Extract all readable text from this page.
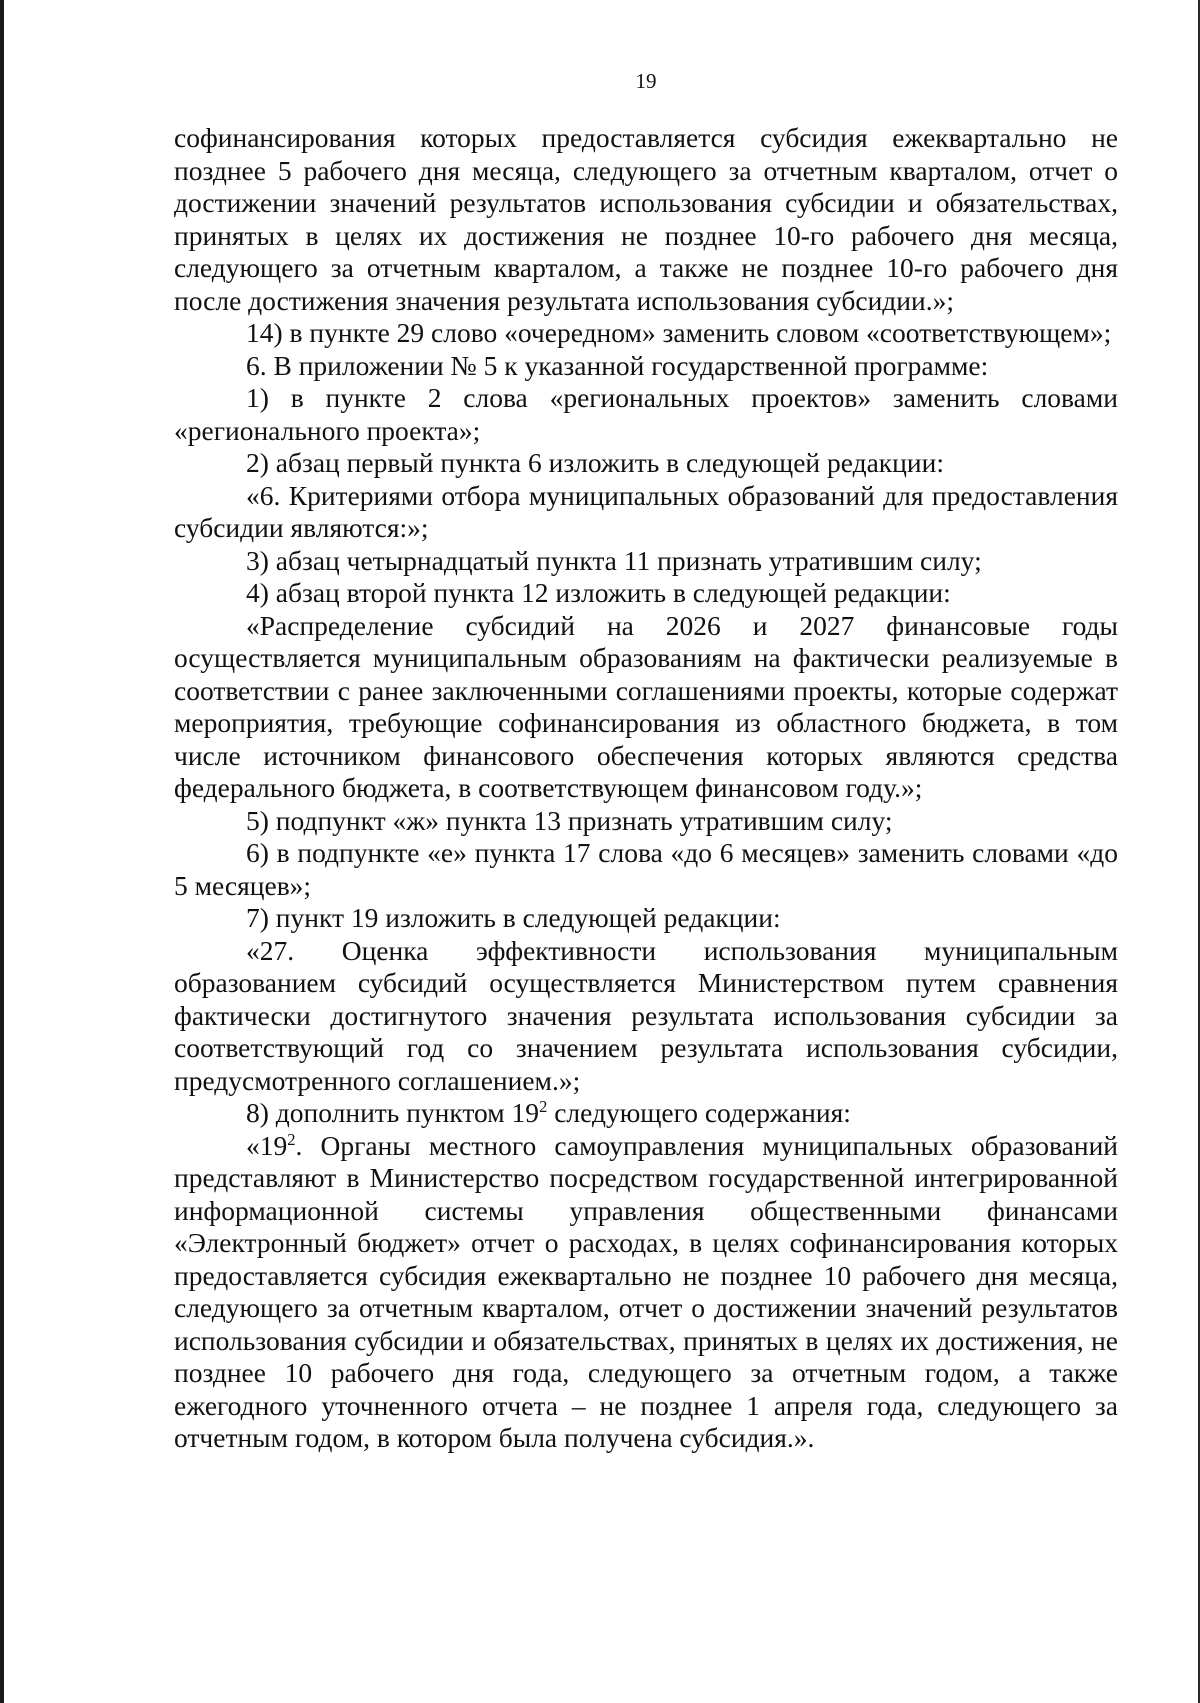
19

софинансирования которых предоставляется субсидия ежеквартально не позднее 5 рабочего дня месяца, следующего за отчетным кварталом, отчет о достижении значений результатов использования субсидии и обязательствах, принятых в целях их достижения не позднее 10-го рабочего дня месяца, следующего за отчетным кварталом, а также не позднее 10-го рабочего дня после достижения значения результата использования субсидии.»;

14) в пункте 29 слово «очередном» заменить словом «соответствующем»;

6. В приложении № 5 к указанной государственной программе:

1) в пункте 2 слова «региональных проектов» заменить словами «регионального проекта»;

2) абзац первый пункта 6 изложить в следующей редакции:

«6. Критериями отбора муниципальных образований для предоставления субсидии являются:»;

3) абзац четырнадцатый пункта 11 признать утратившим силу;

4) абзац второй пункта 12 изложить в следующей редакции:

«Распределение субсидий на 2026 и 2027 финансовые годы осуществляется муниципальным образованиям на фактически реализуемые в соответствии с ранее заключенными соглашениями проекты, которые содержат мероприятия, требующие софинансирования из областного бюджета, в том числе источником финансового обеспечения которых являются средства федерального бюджета, в соответствующем финансовом году.»;

5) подпункт «ж» пункта 13 признать утратившим силу;

6) в подпункте «е» пункта 17 слова «до 6 месяцев» заменить словами «до 5 месяцев»;

7) пункт 19 изложить в следующей редакции:

«27. Оценка эффективности использования муниципальным образованием субсидий осуществляется Министерством путем сравнения фактически достигнутого значения результата использования субсидии за соответствующий год со значением результата использования субсидии, предусмотренного соглашением.»;

8) дополнить пунктом $19^2$ следующего содержания:

«$19^2$. Органы местного самоуправления муниципальных образований представляют в Министерство посредством государственной интегрированной информационной системы управления общественными финансами «Электронный бюджет» отчет о расходах, в целях софинансирования которых предоставляется субсидия ежеквартально не позднее 10 рабочего дня месяца, следующего за отчетным кварталом, отчет о достижении значений результатов использования субсидии и обязательствах, принятых в целях их достижения, не позднее 10 рабочего дня года, следующего за отчетным годом, а также ежегодного уточненного отчета – не позднее 1 апреля года, следующего за отчетным годом, в котором была получена субсидия.».
